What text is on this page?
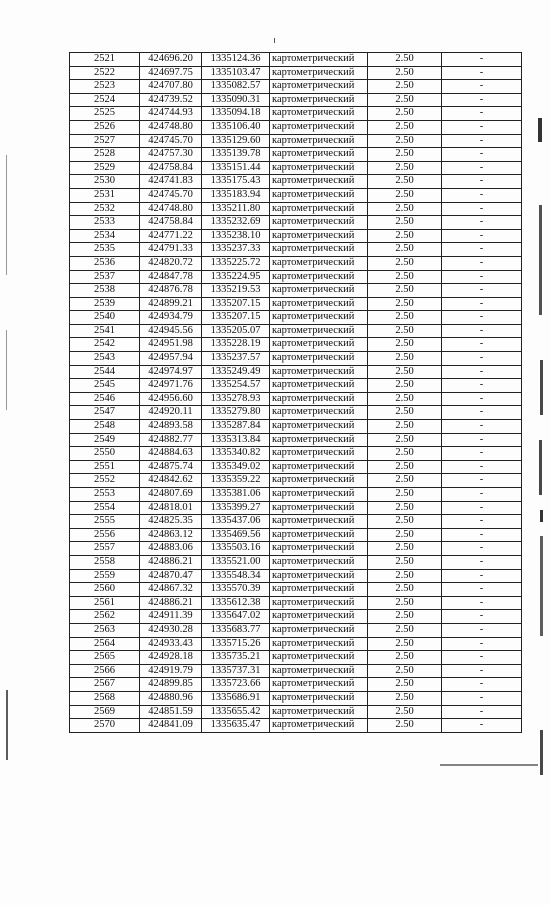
2521	424696.20	1335124.36	картометрический	2.50	-
2522	424697.75	1335103.47	картометрический	2.50	-
2523	424707.80	1335082.57	картометрический	2.50	-
2524	424739.52	1335090.31	картометрический	2.50	-
2525	424744.93	1335094.18	картометрический	2.50	-
2526	424748.80	1335106.40	картометрический	2.50	-
2527	424745.70	1335129.60	картометрический	2.50	-
2528	424757.30	1335139.78	картометрический	2.50	-
2529	424758.84	1335151.44	картометрический	2.50	-
2530	424741.83	1335175.43	картометрический	2.50	-
2531	424745.70	1335183.94	картометрический	2.50	-
2532	424748.80	1335211.80	картометрический	2.50	-
2533	424758.84	1335232.69	картометрический	2.50	-
2534	424771.22	1335238.10	картометрический	2.50	-
2535	424791.33	1335237.33	картометрический	2.50	-
2536	424820.72	1335225.72	картометрический	2.50	-
2537	424847.78	1335224.95	картометрический	2.50	-
2538	424876.78	1335219.53	картометрический	2.50	-
2539	424899.21	1335207.15	картометрический	2.50	-
2540	424934.79	1335207.15	картометрический	2.50	-
2541	424945.56	1335205.07	картометрический	2.50	-
2542	424951.98	1335228.19	картометрический	2.50	-
2543	424957.94	1335237.57	картометрический	2.50	-
2544	424974.97	1335249.49	картометрический	2.50	-
2545	424971.76	1335254.57	картометрический	2.50	-
2546	424956.60	1335278.93	картометрический	2.50	-
2547	424920.11	1335279.80	картометрический	2.50	-
2548	424893.58	1335287.84	картометрический	2.50	-
2549	424882.77	1335313.84	картометрический	2.50	-
2550	424884.63	1335340.82	картометрический	2.50	-
2551	424875.74	1335349.02	картометрический	2.50	-
2552	424842.62	1335359.22	картометрический	2.50	-
2553	424807.69	1335381.06	картометрический	2.50	-
2554	424818.01	1335399.27	картометрический	2.50	-
2555	424825.35	1335437.06	картометрический	2.50	-
2556	424863.12	1335469.56	картометрический	2.50	-
2557	424883.06	1335503.16	картометрический	2.50	-
2558	424886.21	1335521.00	картометрический	2.50	-
2559	424870.47	1335548.34	картометрический	2.50	-
2560	424867.32	1335570.39	картометрический	2.50	-
2561	424886.21	1335612.38	картометрический	2.50	-
2562	424911.39	1335647.02	картометрический	2.50	-
2563	424930.28	1335683.77	картометрический	2.50	-
2564	424933.43	1335715.26	картометрический	2.50	-
2565	424928.18	1335735.21	картометрический	2.50	-
2566	424919.79	1335737.31	картометрический	2.50	-
2567	424899.85	1335723.66	картометрический	2.50	-
2568	424880.96	1335686.91	картометрический	2.50	-
2569	424851.59	1335655.42	картометрический	2.50	-
2570	424841.09	1335635.47	картометрический	2.50	-
